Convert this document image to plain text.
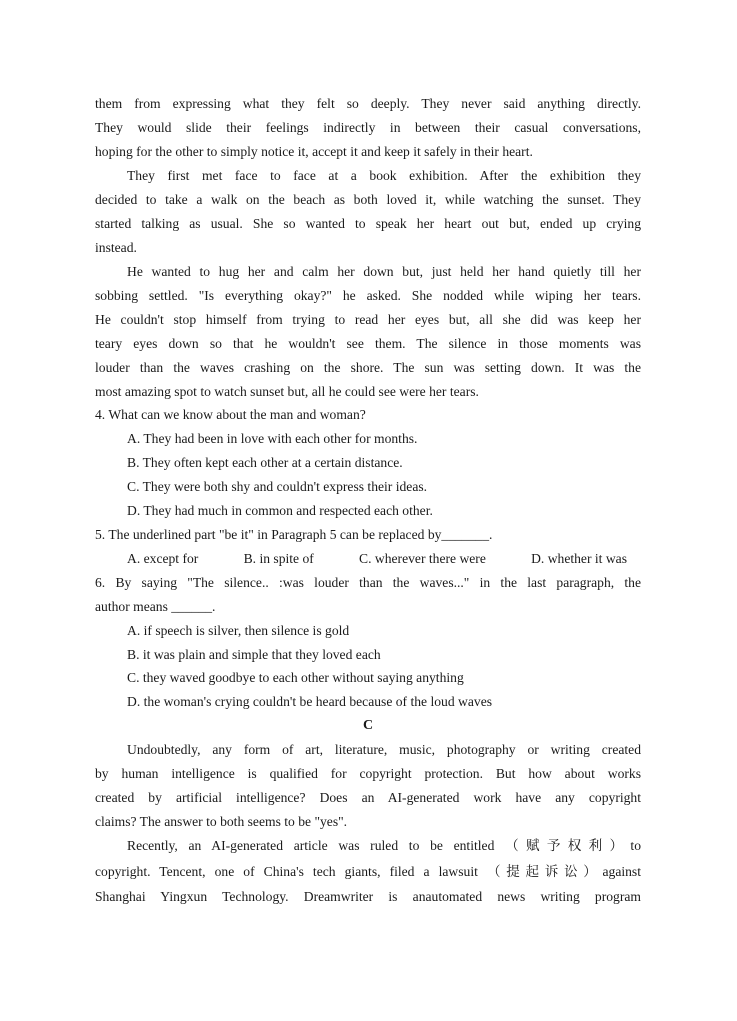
them from expressing what they felt so deeply. They never said anything directly.
They would slide their feelings indirectly in between their casual conversations,
hoping for the other to simply notice it, accept it and keep it safely in their heart.
They first met face to face at a book exhibition. After the exhibition they
decided to take a walk on the beach as both loved it, while watching the sunset. They
started talking as usual. She so wanted to speak her heart out but, ended up crying
instead.
He wanted to hug her and calm her down but, just held her hand quietly till her
sobbing settled. "Is everything okay?" he asked. She nodded while wiping her tears.
He couldn't stop himself from trying to read her eyes but, all she did was keep her
teary eyes down so that he wouldn't see them. The silence in those moments was
louder than the waves crashing on the shore. The sun was setting down. It was the
most amazing spot to watch sunset but, all he could see were her tears.
4. What can we know about the man and woman?
A. They had been in love with each other for months.
B. They often kept each other at a certain distance.
C. They were both shy and couldn't express their ideas.
D. They had much in common and respected each other.
5. The underlined part "be it" in Paragraph 5 can be replaced by_______.
A. except for	B. in spite of	C. wherever there were	D. whether it was
6. By saying "The silence.. :was louder than the waves..." in the last paragraph, the
author means ______.
A. if speech is silver, then silence is gold
B. it was plain and simple that they loved each
C. they waved goodbye to each other without saying anything
D. the woman's crying couldn't be heard because of the loud waves
C
Undoubtedly, any form of art, literature, music, photography or writing created
by human intelligence is qualified for copyright protection. But how about works
created by artificial intelligence? Does an AI-generated work have any copyright
claims? The answer to both seems to be "yes".
Recently, an AI-generated article was ruled to be entitled （赋予权利）to
copyright. Tencent, one of China's tech giants, filed a lawsuit （提起诉讼）against
Shanghai Yingxun Technology. Dreamwriter is anautomated news writing program
